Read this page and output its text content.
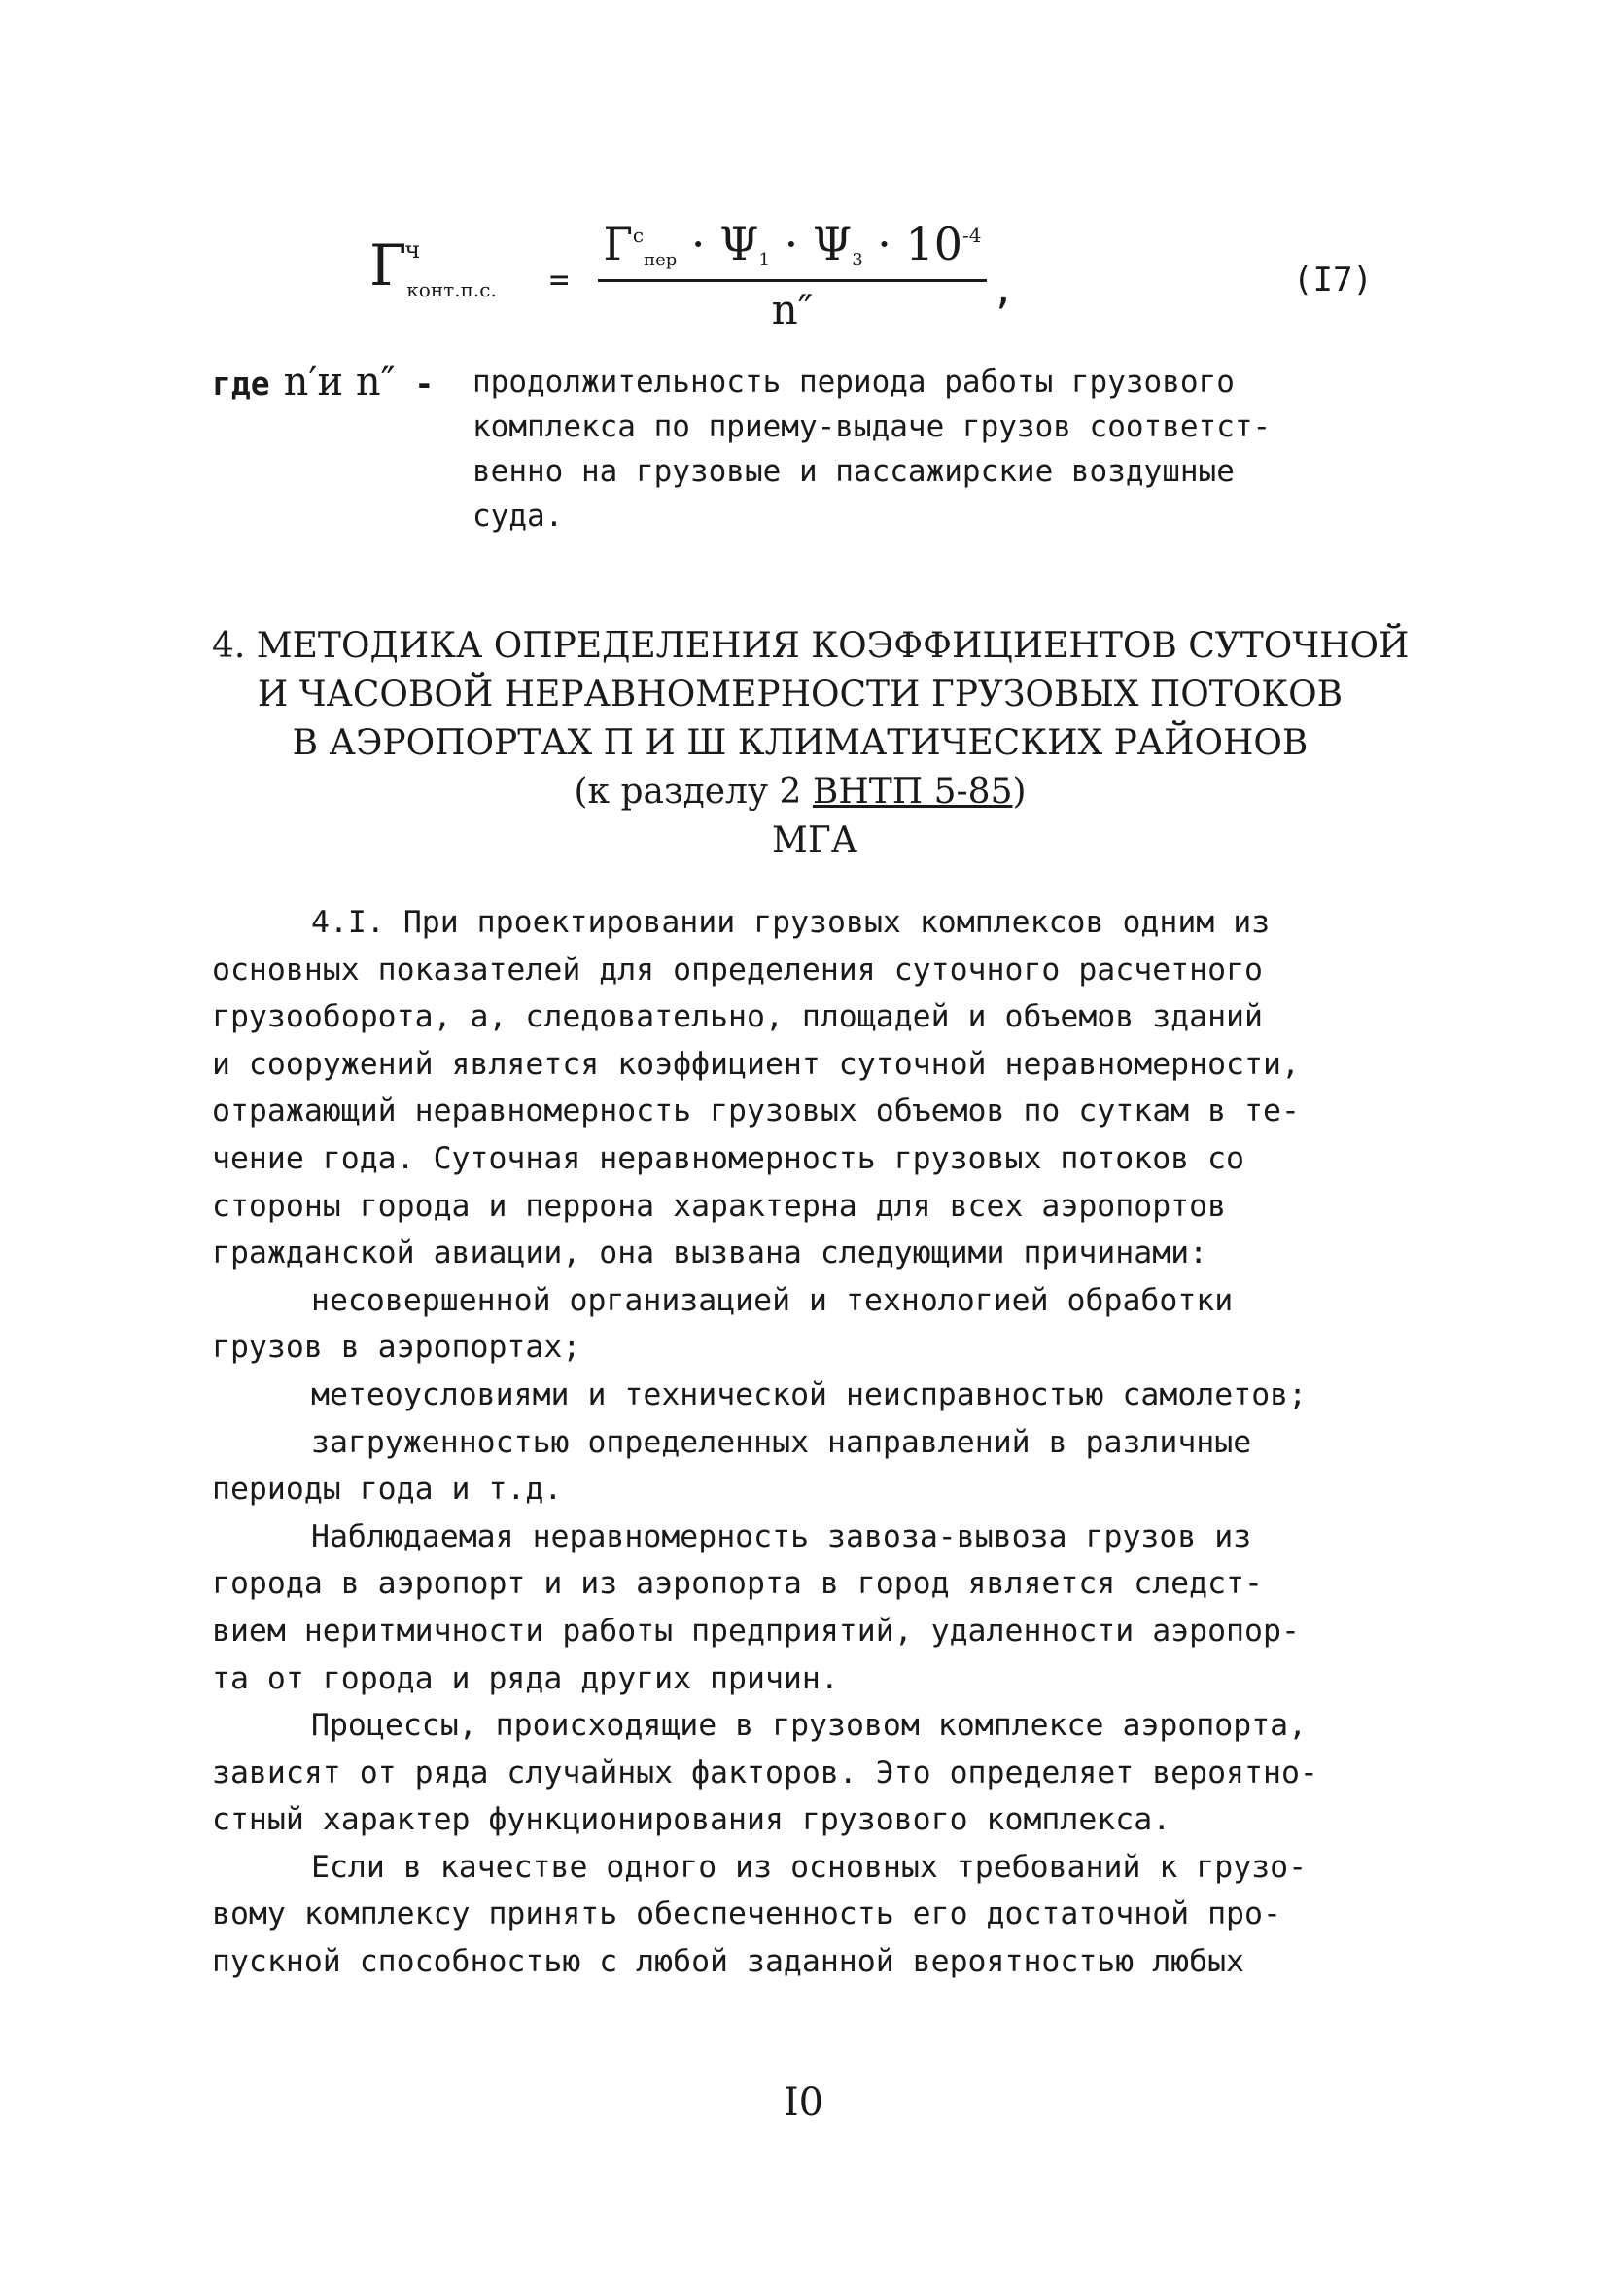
$Г^ч_{конт.п.с.}$	=
$Г^спер \cdot \Psi 1 \cdot \Psi 3 \cdot 10^{-4}$
n″	,	(I7)
где n′и n″ - продолжительность периода работы грузового
комплекса по приему-выдаче грузов соответст-
венно на грузовые и пассажирские воздушные
суда.
4. МЕТОДИКА ОПРЕДЕЛЕНИЯ КОЭФФИЦИЕНТОВ СУТОЧНОЙ
И ЧАСОВОЙ НЕРАВНОМЕРНОСТИ ГРУЗОВЫХ ПОТОКОВ
В АЭРОПОРТАХ П И Ш КЛИМАТИЧЕСКИХ РАЙОНОВ
(к разделу 2 ВНТП 5-85)
МГА

4.I. При проектировании грузовых комплексов одним из

основных показателей для определения суточного расчетного

грузооборота, а, следовательно, площадей и объемов зданий

и сооружений является коэффициент суточной неравномерности,

отражающий неравномерность грузовых объемов по суткам в те-

чение года. Суточная неравномерность грузовых потоков со

стороны города и перрона характерна для всех аэропортов

гражданской авиации, она вызвана следующими причинами:

несовершенной организацией и технологией обработки

грузов в аэропортах;

метеоусловиями и технической неисправностью самолетов;

загруженностью определенных направлений в различные

периоды года и т.д.

Наблюдаемая неравномерность завоза-вывоза грузов из

города в аэропорт и из аэропорта в город является следст-

вием неритмичности работы предприятий, удаленности аэропор-

та от города и ряда других причин.

Процессы, происходящие в грузовом комплексе аэропорта,

зависят от ряда случайных факторов. Это определяет вероятно-

стный характер функционирования грузового комплекса.

Если в качестве одного из основных требований к грузо-

вому комплексу принять обеспеченность его достаточной про-

пускной способностью с любой заданной вероятностью любых

I0
